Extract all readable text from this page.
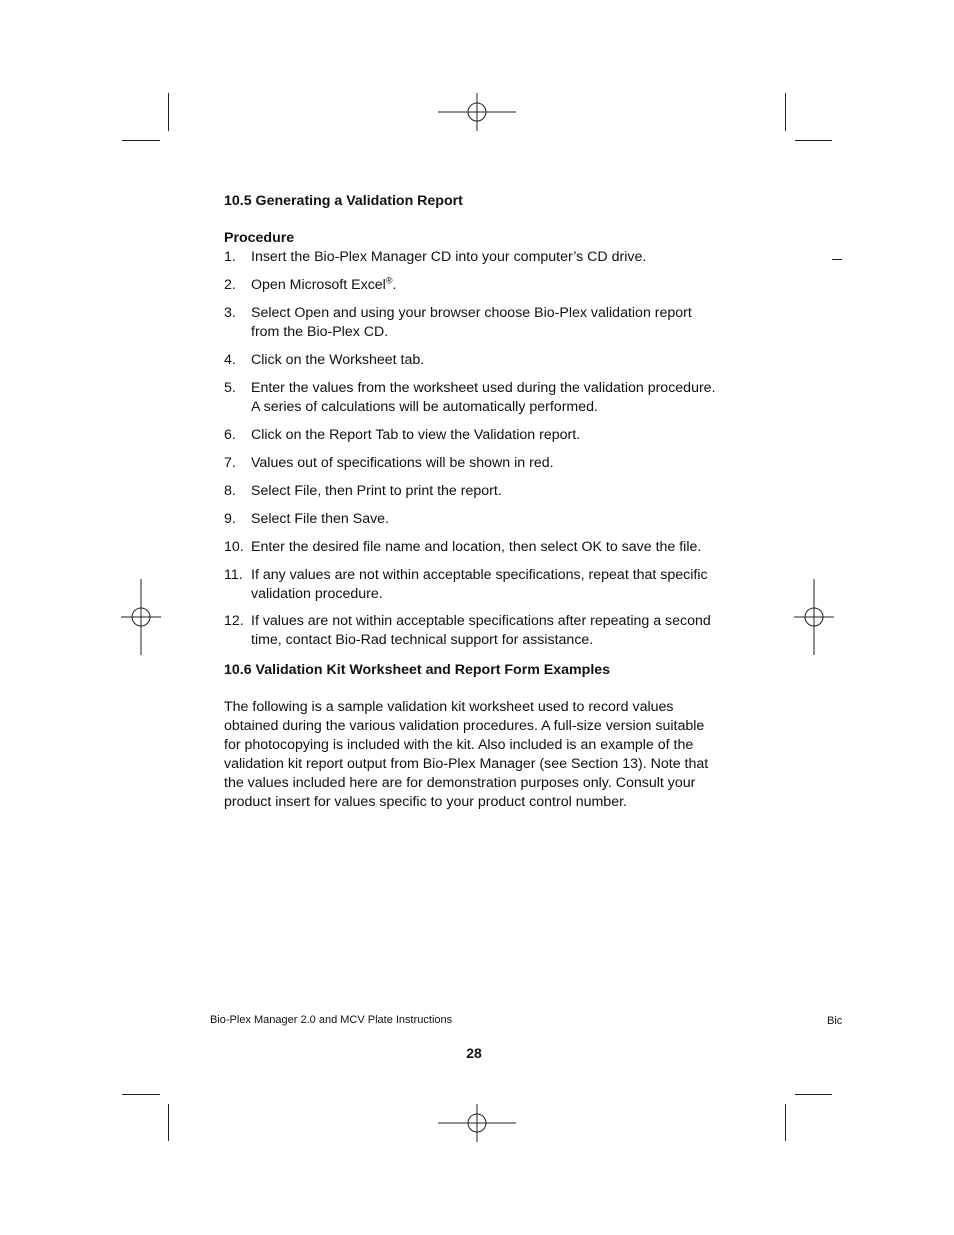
10.5 Generating a Validation Report
Procedure
1. Insert the Bio-Plex Manager CD into your computer’s CD drive.
2. Open Microsoft Excel®.
3. Select Open and using your browser choose Bio-Plex validation report from the Bio-Plex CD.
4. Click on the Worksheet tab.
5. Enter the values from the worksheet used during the validation procedure. A series of calculations will be automatically performed.
6. Click on the Report Tab to view the Validation report.
7. Values out of specifications will be shown in red.
8. Select File, then Print to print the report.
9. Select File then Save.
10. Enter the desired file name and location, then select OK to save the file.
11. If any values are not within acceptable specifications, repeat that specific validation procedure.
12. If values are not within acceptable specifications after repeating a second time, contact Bio-Rad technical support for assistance.
10.6 Validation Kit Worksheet and Report Form Examples
The following is a sample validation kit worksheet used to record values obtained during the various validation procedures. A full-size version suitable for photocopying is included with the kit. Also included is an example of the validation kit report output from Bio-Plex Manager (see Section 13). Note that the values included here are for demonstration purposes only. Consult your product insert for values specific to your product control number.
Bio-Plex Manager 2.0 and MCV Plate Instructions	Bic
28
